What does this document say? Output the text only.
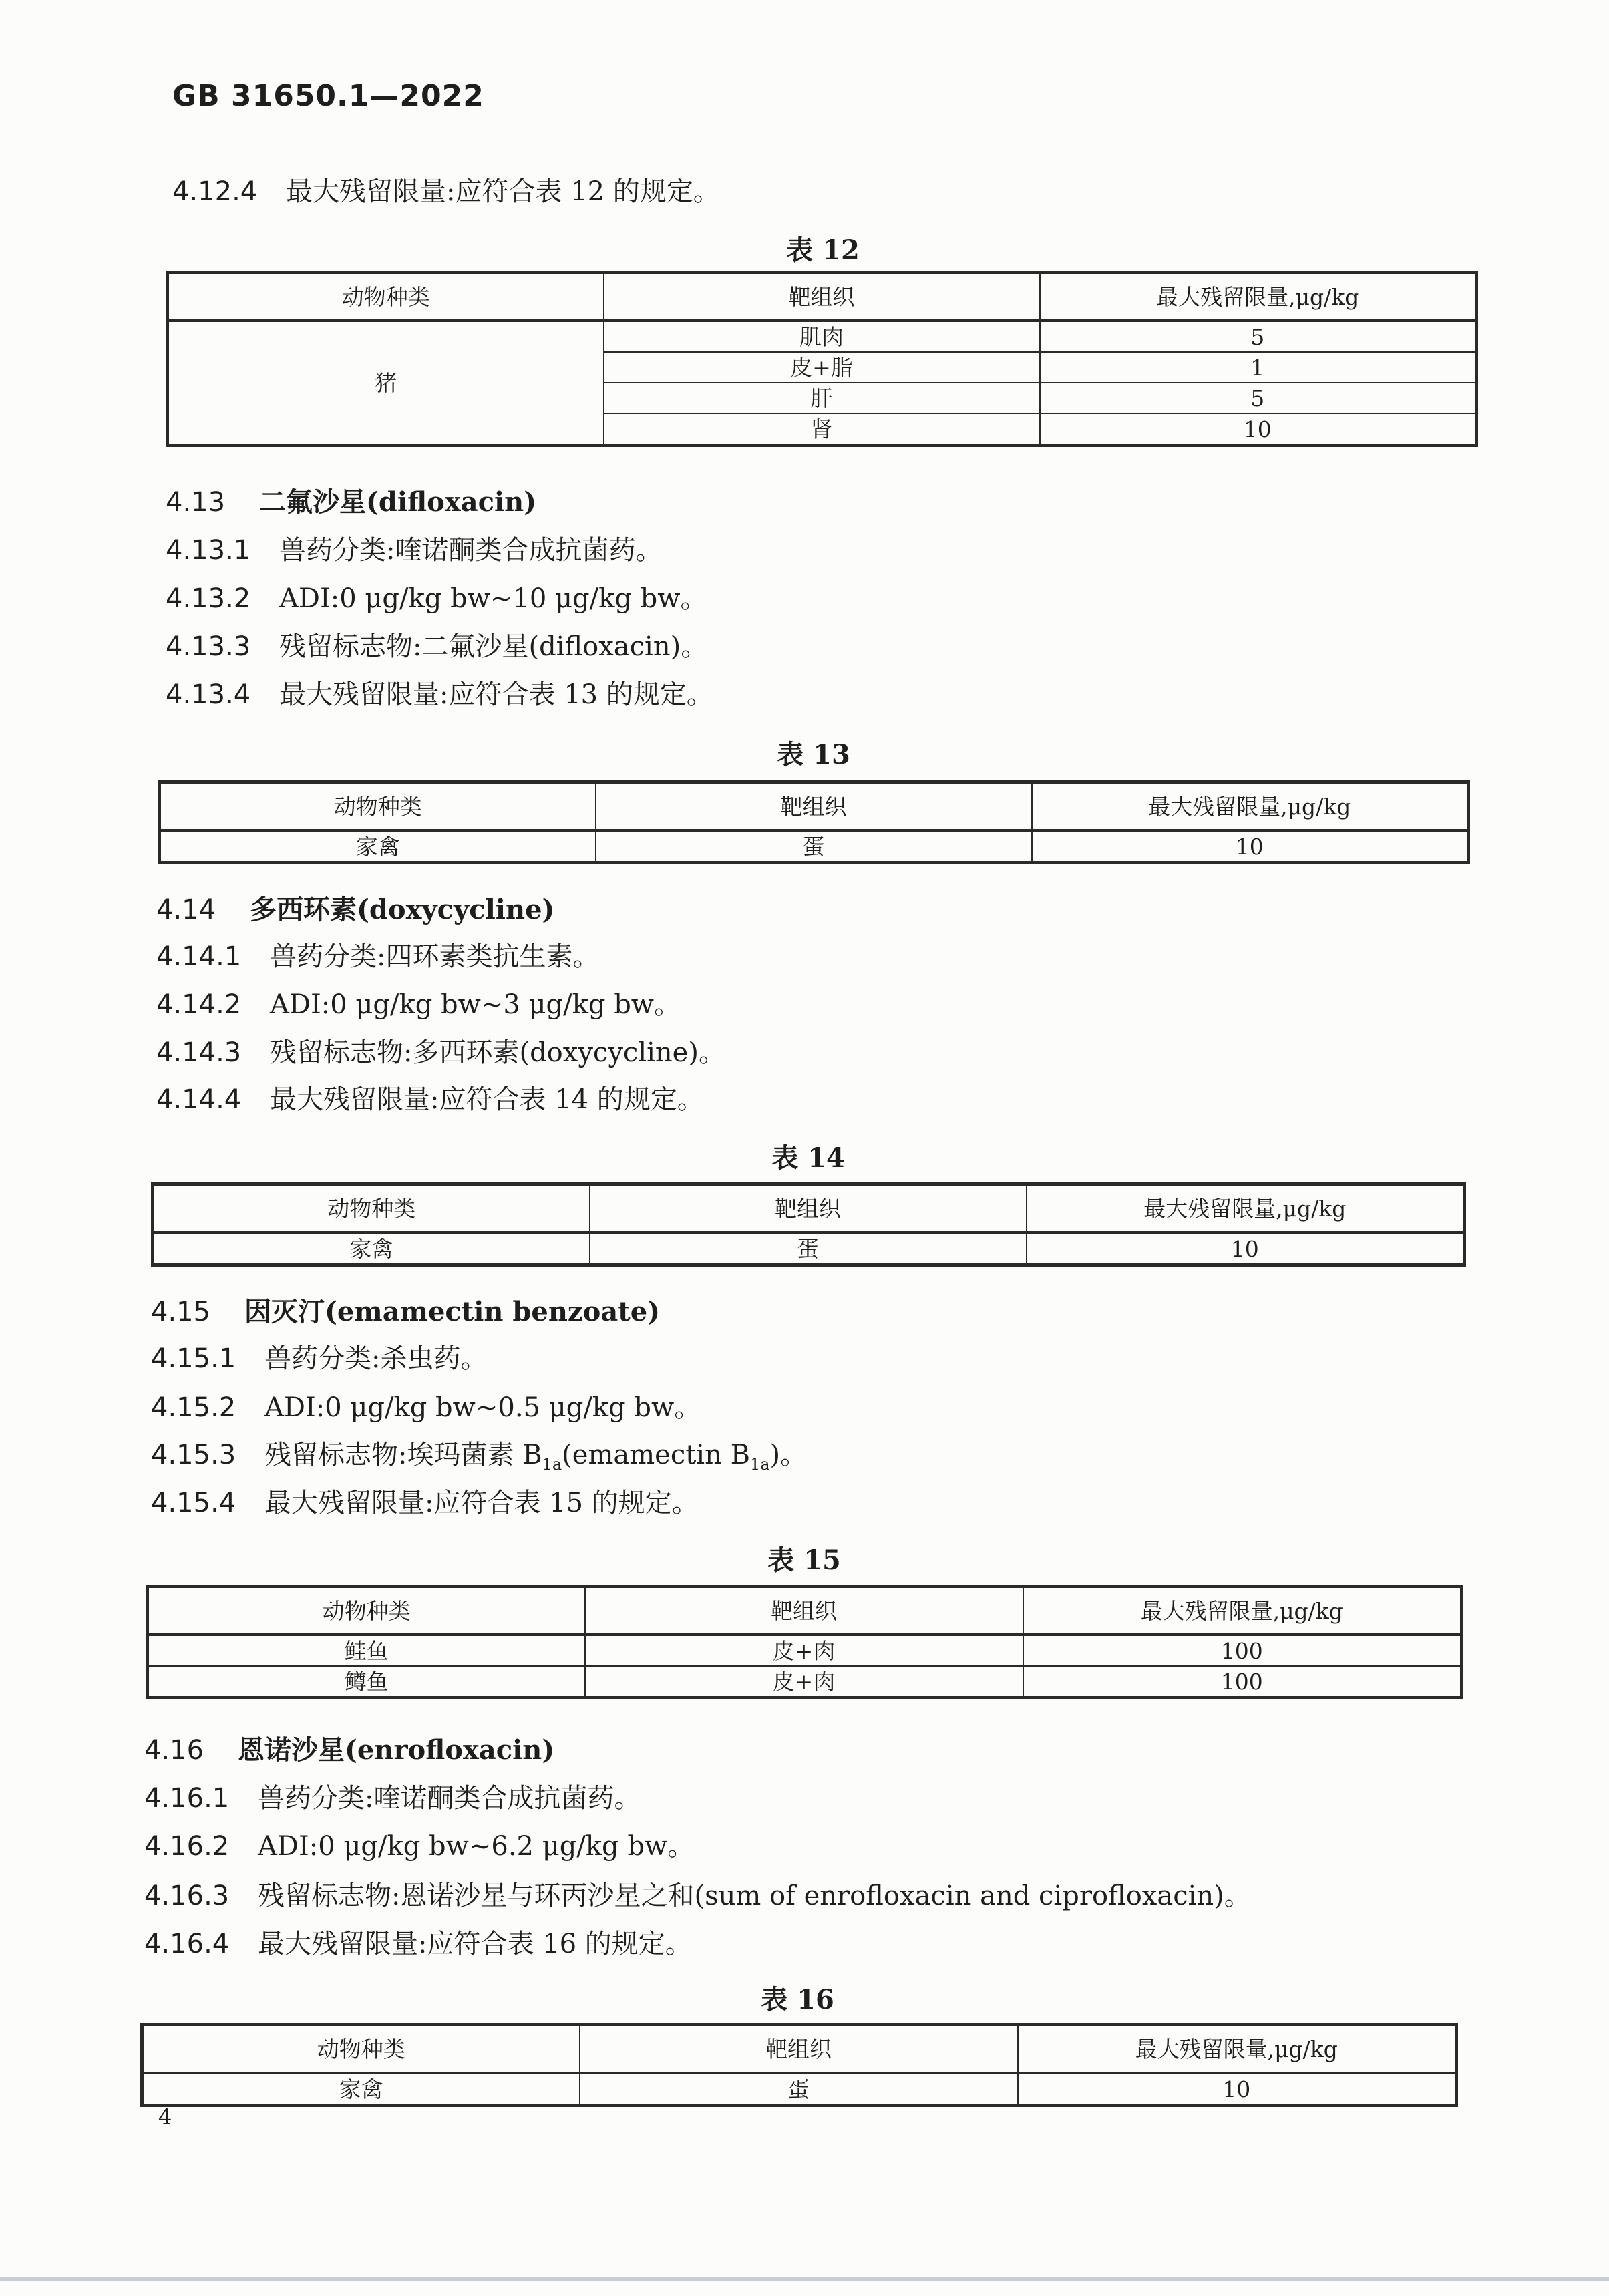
GB 31650.1—2022
4.12.4 最大残留限量:应符合表 12 的规定。
表 12
动物种类	靶组织	最大残留限量,μg/kg
猪	肌肉	5
	皮+脂	1
	肝	5
	肾	10
4.13 二氟沙星(difloxacin)
4.13.1 兽药分类:喹诺酮类合成抗菌药。
4.13.2 ADI:0 μg/kg bw~10 μg/kg bw。
4.13.3 残留标志物:二氟沙星(difloxacin)。
4.13.4 最大残留限量:应符合表 13 的规定。
表 13
动物种类	靶组织	最大残留限量,μg/kg
家禽	蛋	10
4.14 多西环素(doxycycline)
4.14.1 兽药分类:四环素类抗生素。
4.14.2 ADI:0 μg/kg bw~3 μg/kg bw。
4.14.3 残留标志物:多西环素(doxycycline)。
4.14.4 最大残留限量:应符合表 14 的规定。
表 14
动物种类	靶组织	最大残留限量,μg/kg
家禽	蛋	10
4.15 因灭汀(emamectin benzoate)
4.15.1 兽药分类:杀虫药。
4.15.2 ADI:0 μg/kg bw~0.5 μg/kg bw。
4.15.3 残留标志物:埃玛菌素 $B_{1a}(emamectin$ $B_{1a}$)。
4.15.4 最大残留限量:应符合表 15 的规定。
表 15
动物种类	靶组织	最大残留限量,μg/kg
鲑鱼	皮+肉	100
鳟鱼	皮+肉	100
4.16 恩诺沙星(enrofloxacin)
4.16.1 兽药分类:喹诺酮类合成抗菌药。
4.16.2 ADI:0 μg/kg bw~6.2 μg/kg bw。
4.16.3 残留标志物:恩诺沙星与环丙沙星之和(sum of enrofloxacin and ciprofloxacin)。
4.16.4 最大残留限量:应符合表 16 的规定。
表 16
动物种类	靶组织	最大残留限量,μg/kg
家禽	蛋	10
4
